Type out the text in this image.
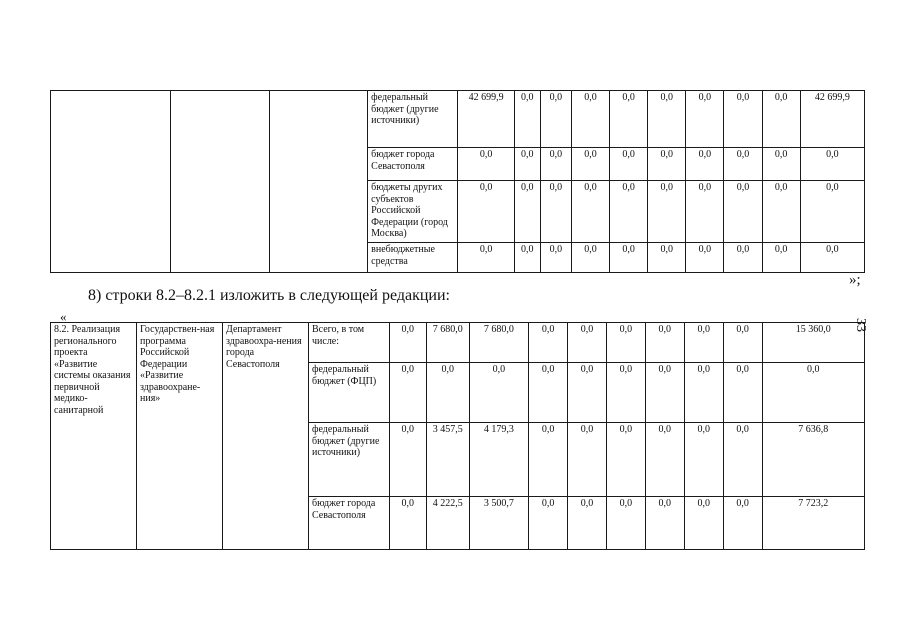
			федеральный бюджет (другие источники)	42 699,9	0,0	0,0	0,0	0,0	0,0	0,0	0,0	0,0	42 699,9
			бюджет города Севастополя	0,0	0,0	0,0	0,0	0,0	0,0	0,0	0,0	0,0	0,0
			бюджеты других субъектов Российской Федерации (город Москва)	0,0	0,0	0,0	0,0	0,0	0,0	0,0	0,0	0,0	0,0
			внебюджетные средства	0,0	0,0	0,0	0,0	0,0	0,0	0,0	0,0	0,0	0,0
»;
8) строки 8.2–8.2.1 изложить в следующей редакции:
«
33
8.2. Реализация регионального проекта «Развитие системы оказания первичной медико-санитарной	Государствен-ная программа Российской Федерации «Развитие здравоохране-ния»	Департамент здравоохра-нения города Севастополя	Всего, в том числе:	0,0	7 680,0	7 680,0	0,0	0,0	0,0	0,0	0,0	0,0	15 360,0
			федеральный бюджет (ФЦП)	0,0	0,0	0,0	0,0	0,0	0,0	0,0	0,0	0,0	0,0
			федеральный бюджет (другие источники)	0,0	3 457,5	4 179,3	0,0	0,0	0,0	0,0	0,0	0,0	7 636,8
			бюджет города Севастополя	0,0	4 222,5	3 500,7	0,0	0,0	0,0	0,0	0,0	0,0	7 723,2
